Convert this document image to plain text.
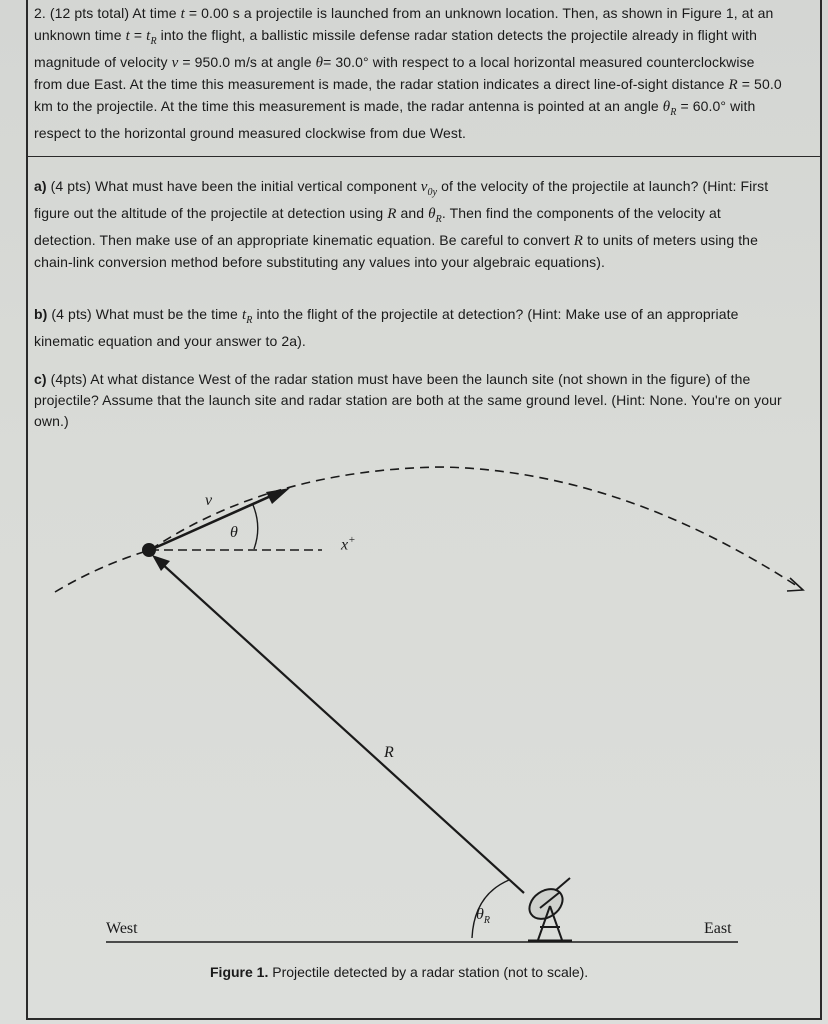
2. (12 pts total) At time t = 0.00 s a projectile is launched from an unknown location. Then, as shown in Figure 1, at an unknown time $t = t_R$ into the flight, a ballistic missile defense radar station detects the projectile already in flight with magnitude of velocity v = 950.0 m/s at angle θ= 30.0° with respect to a local horizontal measured counterclockwise from due East. At the time this measurement is made, the radar station indicates a direct line-of-sight distance R = 50.0 km to the projectile. At the time this measurement is made, the radar antenna is pointed at an angle $\theta_R = 60.0^\circ$ with respect to the horizontal ground measured clockwise from due West.

a) (4 pts) What must have been the initial vertical component $v_{0y}$ of the velocity of the projectile at launch? (Hint: First figure out the altitude of the projectile at detection using R and $\theta_R$. Then find the components of the velocity at detection. Then make use of an appropriate kinematic equation. Be careful to convert R to units of meters using the chain-link conversion method before substituting any values into your algebraic equations).

b) (4 pts) What must be the time $t_R$ into the flight of the projectile at detection? (Hint: Make use of an appropriate kinematic equation and your answer to 2a).

c) (4pts) At what distance West of the radar station must have been the launch site (not shown in the figure) of the projectile? Assume that the launch site and radar station are both at the same ground level. (Hint: None. You're on your own.)

v
θ
x+
R
$\theta_R$
West	East
Figure 1. Projectile detected by a radar station (not to scale).
